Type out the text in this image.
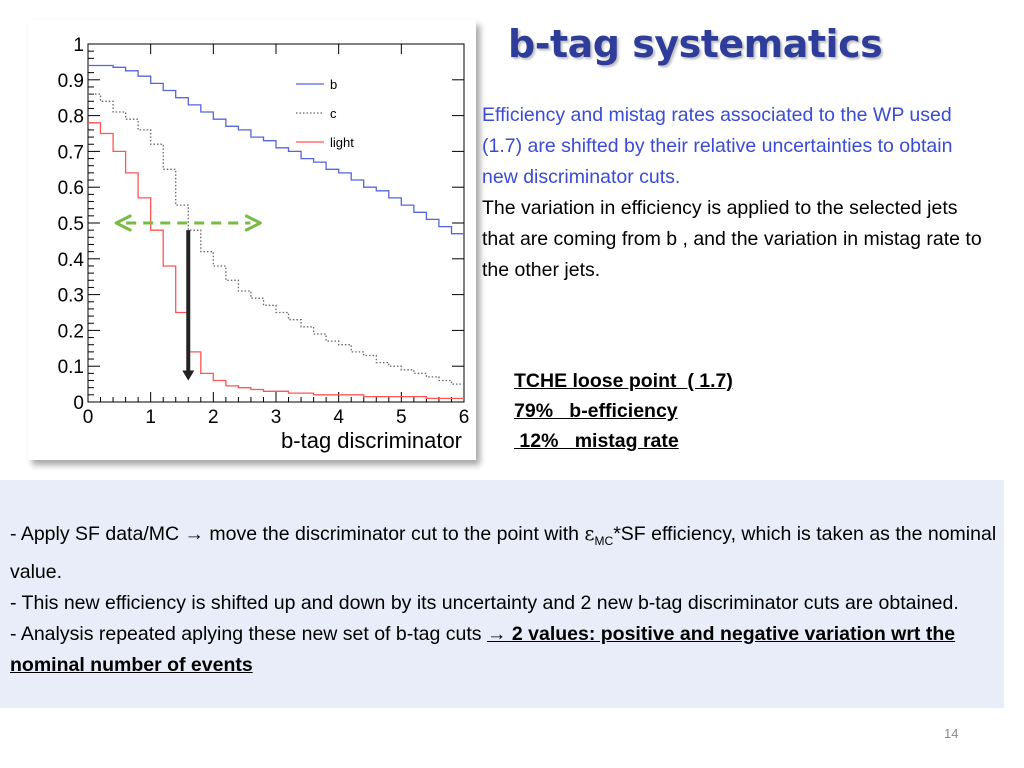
0	1	2	3	4	5	6
0
0.1
0.2
0.3
0.4
0.5
0.6
0.7
0.8
0.9
1
b
c
light
b-tag discriminator
b-tag systematics
Efficiency and mistag rates associated to the WP used (1.7) are shifted by their relative uncertainties to obtain new discriminator cuts.
The variation in efficiency is applied to the selected jets that are coming from b , and the variation in mistag rate to the other jets.
TCHE loose point  ( 1.7)
79%   b-efficiency
12%   mistag rate
- Apply SF data/MC → move the discriminator cut to the point with $\varepsilon_{MC}*SF$ efficiency, which is taken as the nominal value.
- This new efficiency is shifted up and down by its uncertainty and 2 new b-tag discriminator cuts are obtained.
- Analysis repeated aplying these new set of b-tag cuts → 2 values: positive and negative variation wrt the nominal number of events
14
